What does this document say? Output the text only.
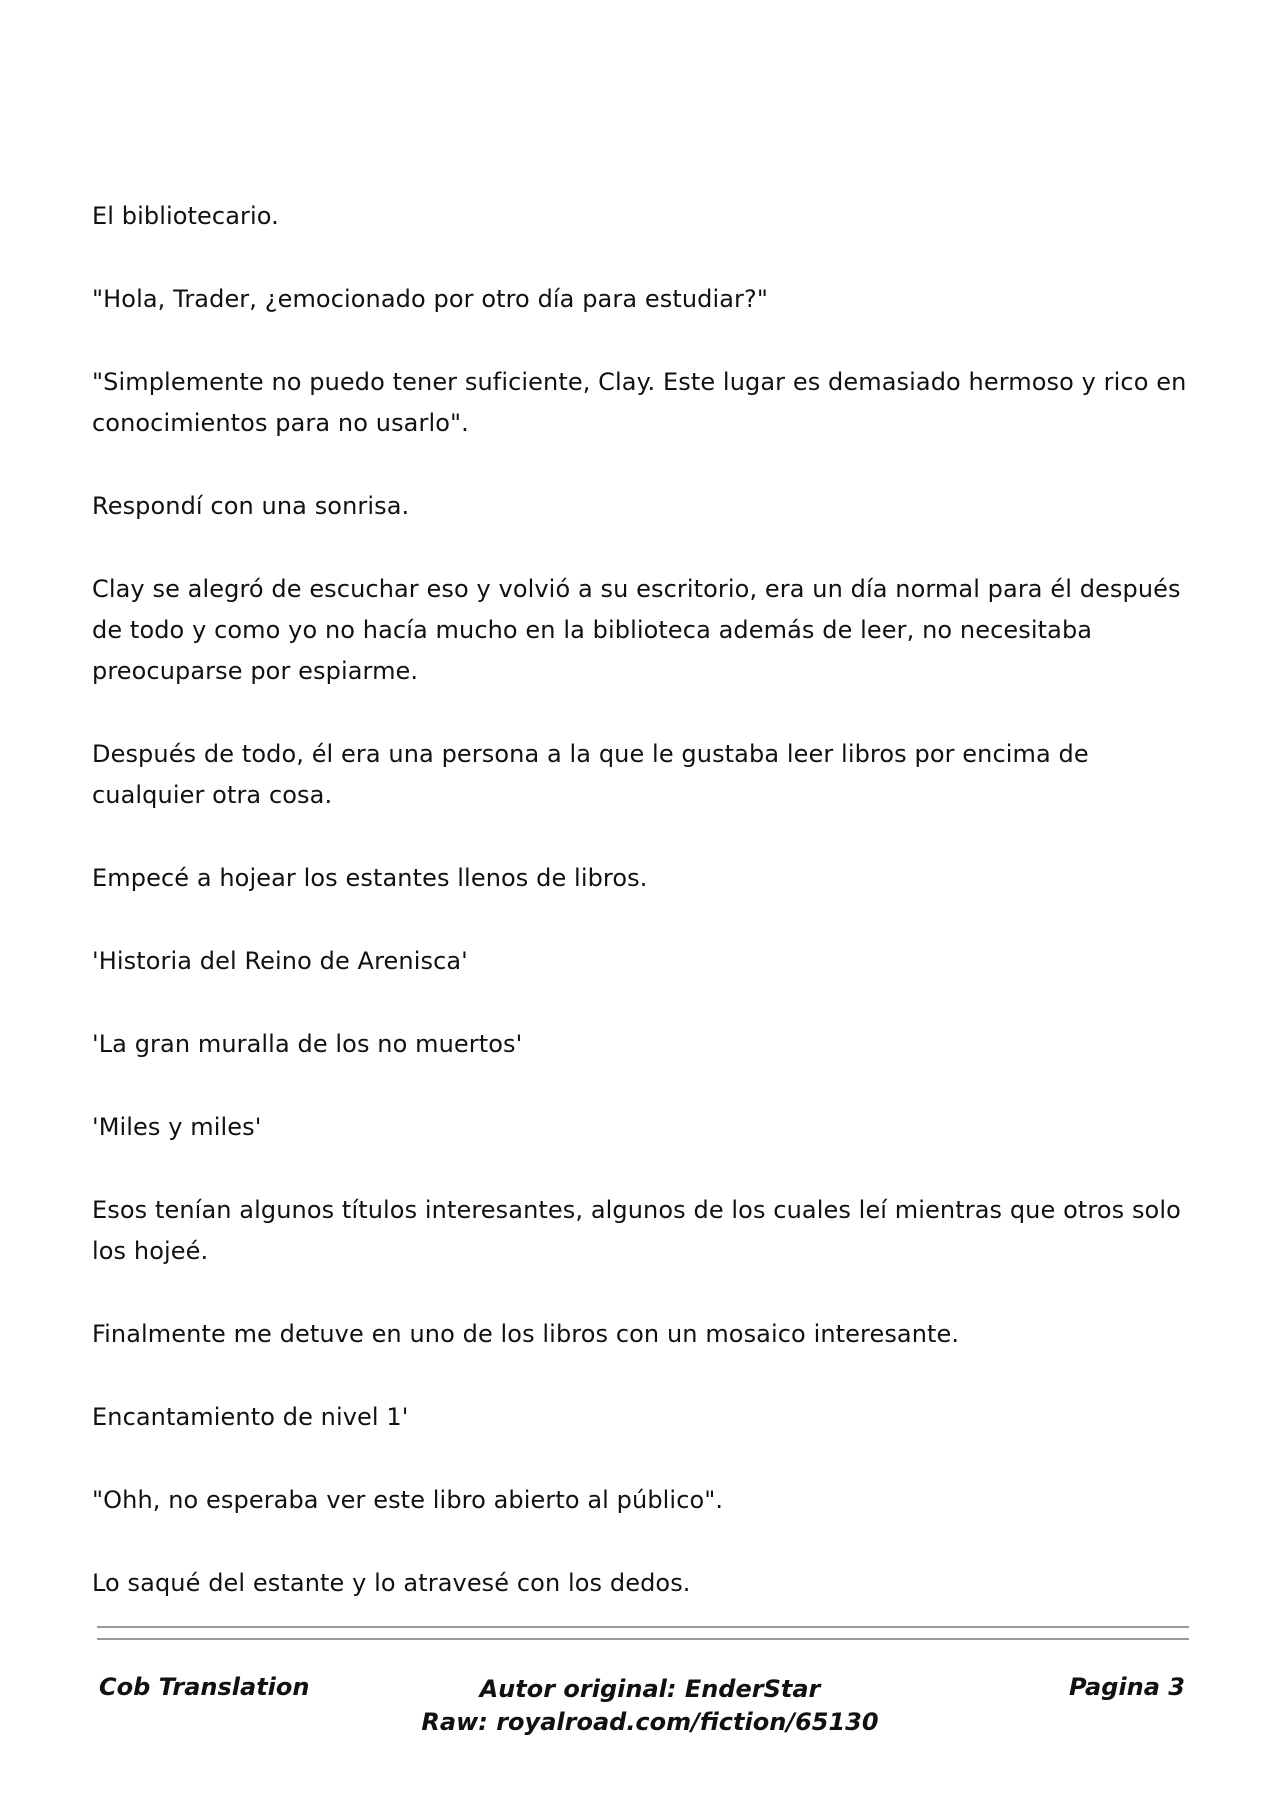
El bibliotecario.

"Hola, Trader, ¿emocionado por otro día para estudiar?"

"Simplemente no puedo tener suficiente, Clay. Este lugar es demasiado hermoso y rico en conocimientos para no usarlo".

Respondí con una sonrisa.

Clay se alegró de escuchar eso y volvió a su escritorio, era un día normal para él después de todo y como yo no hacía mucho en la biblioteca además de leer, no necesitaba preocuparse por espiarme.

Después de todo, él era una persona a la que le gustaba leer libros por encima de cualquier otra cosa.

Empecé a hojear los estantes llenos de libros.

'Historia del Reino de Arenisca'

'La gran muralla de los no muertos'

'Miles y miles'

Esos tenían algunos títulos interesantes, algunos de los cuales leí mientras que otros solo los hojeé.

Finalmente me detuve en uno de los libros con un mosaico interesante.

Encantamiento de nivel 1'

"Ohh, no esperaba ver este libro abierto al público".

Lo saqué del estante y lo atravesé con los dedos.

Cob Translation	Autor original: EnderStar
Raw: royalroad.com/fiction/65130
Pagina 3
